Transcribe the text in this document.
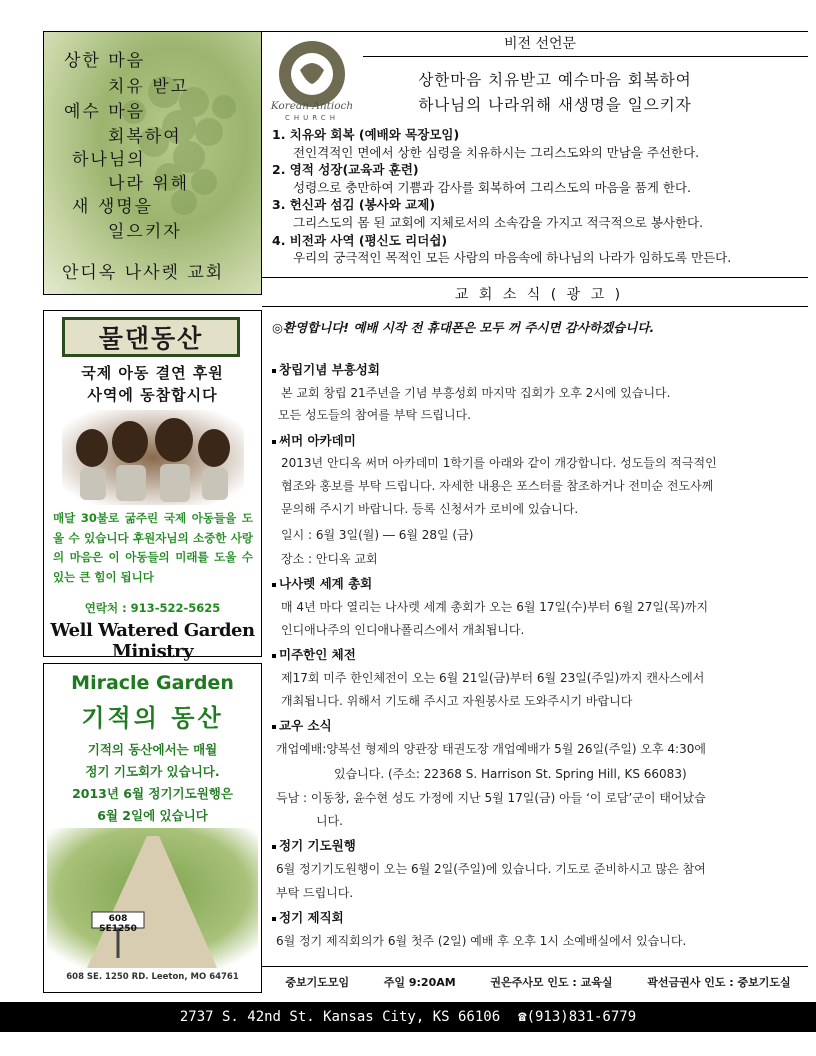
상한 마음
치유 받고
예수 마음
회복하여
하나님의
나라 위해
새 생명을
일으키자
안디옥 나사렛 교회
비전 선언문
Korean Antioch
CHURCH
상한마음 치유받고 예수마음 회복하여
하나님의 나라위해 새생명을 일으키자
1. 치유와 회복 (예배와 목장모임)
전인격적인 면에서 상한 심령을 치유하시는 그리스도와의 만남을 주선한다.
2. 영적 성장(교육과 훈련)
성령으로 충만하여 기쁨과 감사를 회복하여 그리스도의 마음을 품게 한다.
3. 헌신과 섬김 (봉사와 교제)
그리스도의 몸 된 교회에 지체로서의 소속감을 가지고 적극적으로 봉사한다.
4. 비전과 사역 (평신도 리더쉽)
우리의 궁극적인 목적인 모든 사람의 마음속에 하나님의 나라가 임하도록 만든다.
교 회 소 식 ( 광 고 )
물댄동산
국제 아동 결연 후원
사역에 동참합시다
매달 30불로 굶주린 국제 아동들을 도울 수 있습니다 후원자님의 소중한 사랑의 마음은 이 아동들의 미래를 도울 수 있는 큰 힘이 됩니다
연락처 : 913-522-5625
Well Watered Garden Ministry
Miracle Garden
기적의 동산
기적의 동산에서는 매월
정기 기도회가 있습니다.
2013년 6월 정기기도원행은
6월 2일에 있습니다
608 SE1250
608 SE. 1250 RD. Leeton, MO 64761
◎환영합니다! 예배 시작 전 휴대폰은 모두 꺼 주시면 감사하겠습니다.
창립기념 부흥성회
본 교회 창립 21주년을 기념 부흥성회 마지막 집회가 오후 2시에 있습니다.
모든 성도들의 참여를 부탁 드립니다.
써머 아카데미
2013년 안디옥 써머 아카데미 1학기를 아래와 같이 개강합니다. 성도들의 적극적인
협조와 홍보를 부탁 드립니다. 자세한 내용은 포스터를 참조하거나 전미순 전도사께
문의해 주시기 바랍니다. 등록 신청서가 로비에 있습니다.
일시 : 6월 3일(월) ― 6월 28일 (금)
장소 : 안디옥 교회
나사렛 세계 총회
매 4년 마다 열리는 나사렛 세계 총회가 오는 6월 17일(수)부터 6월 27일(목)까지
인디애나주의 인디애나폴리스에서 개최됩니다.
미주한인 체전
제17회 미주 한인체전이 오는 6월 21일(금)부터 6월 23일(주일)까지 캔사스에서
개최됩니다. 위해서 기도해 주시고 자원봉사로 도와주시기 바랍니다
교우 소식
개업예배:양복선 형제의 양관장 태권도장 개업예배가 5월 26일(주일) 오후 4:30에
있습니다. (주소: 22368 S. Harrison St. Spring Hill, KS 66083)
득남 : 이동창, 윤수현 성도 가정에 지난 5월 17일(금) 아들 ‘이 로담’군이 태어났습
니다.
정기 기도원행
6월 정기기도원행이 오는 6월 2일(주일)에 있습니다. 기도로 준비하시고 많은 참여
부탁 드립니다.
정기 제직회
6월 정기 제직회의가 6월 첫주 (2일) 예배 후 오후 1시 소예배실에서 있습니다.
중보기도모임	주일 9:20AM	권은주사모 인도 : 교육실	곽선금권사 인도 : 중보기도실
2737 S. 42nd St. Kansas City, KS 66106 ☎(913)831-6779
